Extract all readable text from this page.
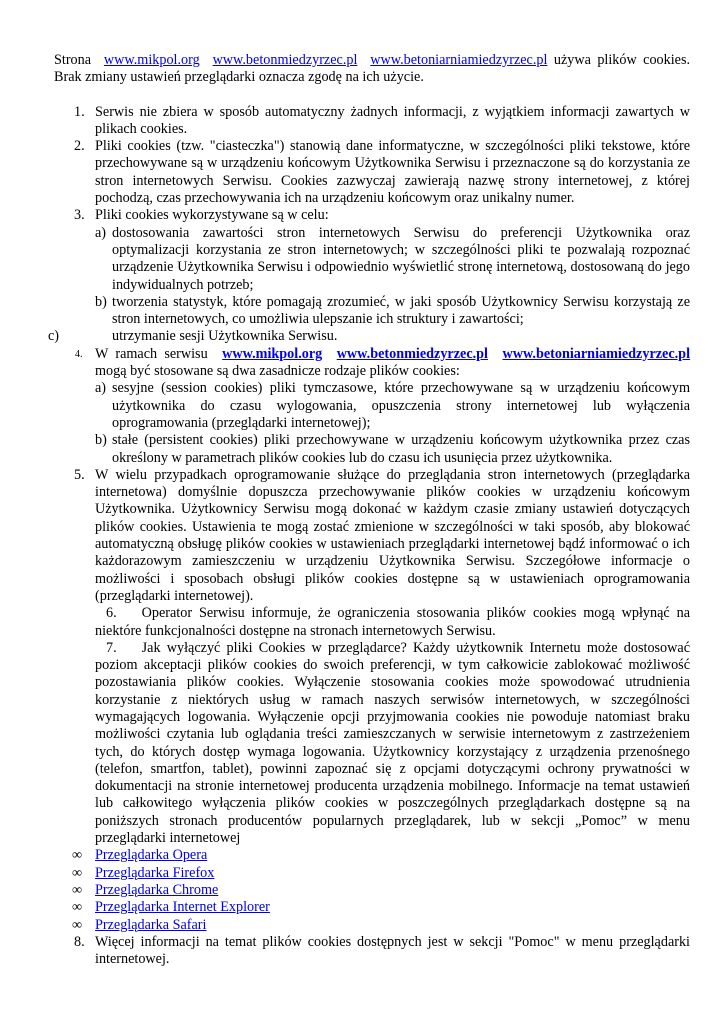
Strona www.mikpol.org www.betonmiedzyrzec.pl www.betoniarniamiedzyrzec.pl używa plików cookies. Brak zmiany ustawień przeglądarki oznacza zgodę na ich użycie.

1. Serwis nie zbiera w sposób automatyczny żadnych informacji, z wyjątkiem informacji zawartych w plikach cookies.
2. Pliki cookies (tzw. "ciasteczka") stanowią dane informatyczne, w szczególności pliki tekstowe, które przechowywane są w urządzeniu końcowym Użytkownika Serwisu i przeznaczone są do korzystania ze stron internetowych Serwisu. Cookies zazwyczaj zawierają nazwę strony internetowej, z której pochodzą, czas przechowywania ich na urządzeniu końcowym oraz unikalny numer.
3. Pliki cookies wykorzystywane są w celu:
a) dostosowania zawartości stron internetowych Serwisu do preferencji Użytkownika oraz optymalizacji korzystania ze stron internetowych; w szczególności pliki te pozwalają rozpoznać urządzenie Użytkownika Serwisu i odpowiednio wyświetlić stronę internetową, dostosowaną do jego indywidualnych potrzeb;
b) tworzenia statystyk, które pomagają zrozumieć, w jaki sposób Użytkownicy Serwisu korzystają ze stron internetowych, co umożliwia ulepszanie ich struktury i zawartości;
c)	utrzymanie sesji Użytkownika Serwisu.
4. W ramach serwisu www.mikpol.org www.betonmiedzyrzec.pl www.betoniarniamiedzyrzec.pl mogą być stosowane są dwa zasadnicze rodzaje plików cookies:
a) sesyjne (session cookies) pliki tymczasowe, które przechowywane są w urządzeniu końcowym użytkownika do czasu wylogowania, opuszczenia strony internetowej lub wyłączenia oprogramowania (przeglądarki internetowej);
b) stałe (persistent cookies) pliki przechowywane w urządzeniu końcowym użytkownika przez czas określony w parametrach plików cookies lub do czasu ich usunięcia przez użytkownika.
5. W wielu przypadkach oprogramowanie służące do przeglądania stron internetowych (przeglądarka internetowa) domyślnie dopuszcza przechowywanie plików cookies w urządzeniu końcowym Użytkownika. Użytkownicy Serwisu mogą dokonać w każdym czasie zmiany ustawień dotyczących plików cookies. Ustawienia te mogą zostać zmienione w szczególności w taki sposób, aby blokować automatyczną obsługę plików cookies w ustawieniach przeglądarki internetowej bądź informować o ich każdorazowym zamieszczeniu w urządzeniu Użytkownika Serwisu. Szczegółowe informacje o możliwości i sposobach obsługi plików cookies dostępne są w ustawieniach oprogramowania (przeglądarki internetowej).
6. Operator Serwisu informuje, że ograniczenia stosowania plików cookies mogą wpłynąć na niektóre funkcjonalności dostępne na stronach internetowych Serwisu.
7. Jak wyłączyć pliki Cookies w przeglądarce? Każdy użytkownik Internetu może dostosować poziom akceptacji plików cookies do swoich preferencji, w tym całkowicie zablokować możliwość pozostawiania plików cookies. Wyłączenie stosowania cookies może spowodować utrudnienia korzystanie z niektórych usług w ramach naszych serwisów internetowych, w szczególności wymagających logowania. Wyłączenie opcji przyjmowania cookies nie powoduje natomiast braku możliwości czytania lub oglądania treści zamieszczanych w serwisie internetowym z zastrzeżeniem tych, do których dostęp wymaga logowania. Użytkownicy korzystający z urządzenia przenośnego (telefon, smartfon, tablet), powinni zapoznać się z opcjami dotyczącymi ochrony prywatności w dokumentacji na stronie internetowej producenta urządzenia mobilnego. Informacje na temat ustawień lub całkowitego wyłączenia plików cookies w poszczególnych przeglądarkach dostępne są na poniższych stronach producentów popularnych przeglądarek, lub w sekcji „Pomoc” w menu przeglądarki internetowej
∞ Przeglądarka Opera
∞ Przeglądarka Firefox
∞ Przeglądarka Chrome
∞ Przeglądarka Internet Explorer
∞ Przeglądarka Safari
8. Więcej informacji na temat plików cookies dostępnych jest w sekcji "Pomoc" w menu przeglądarki internetowej.
